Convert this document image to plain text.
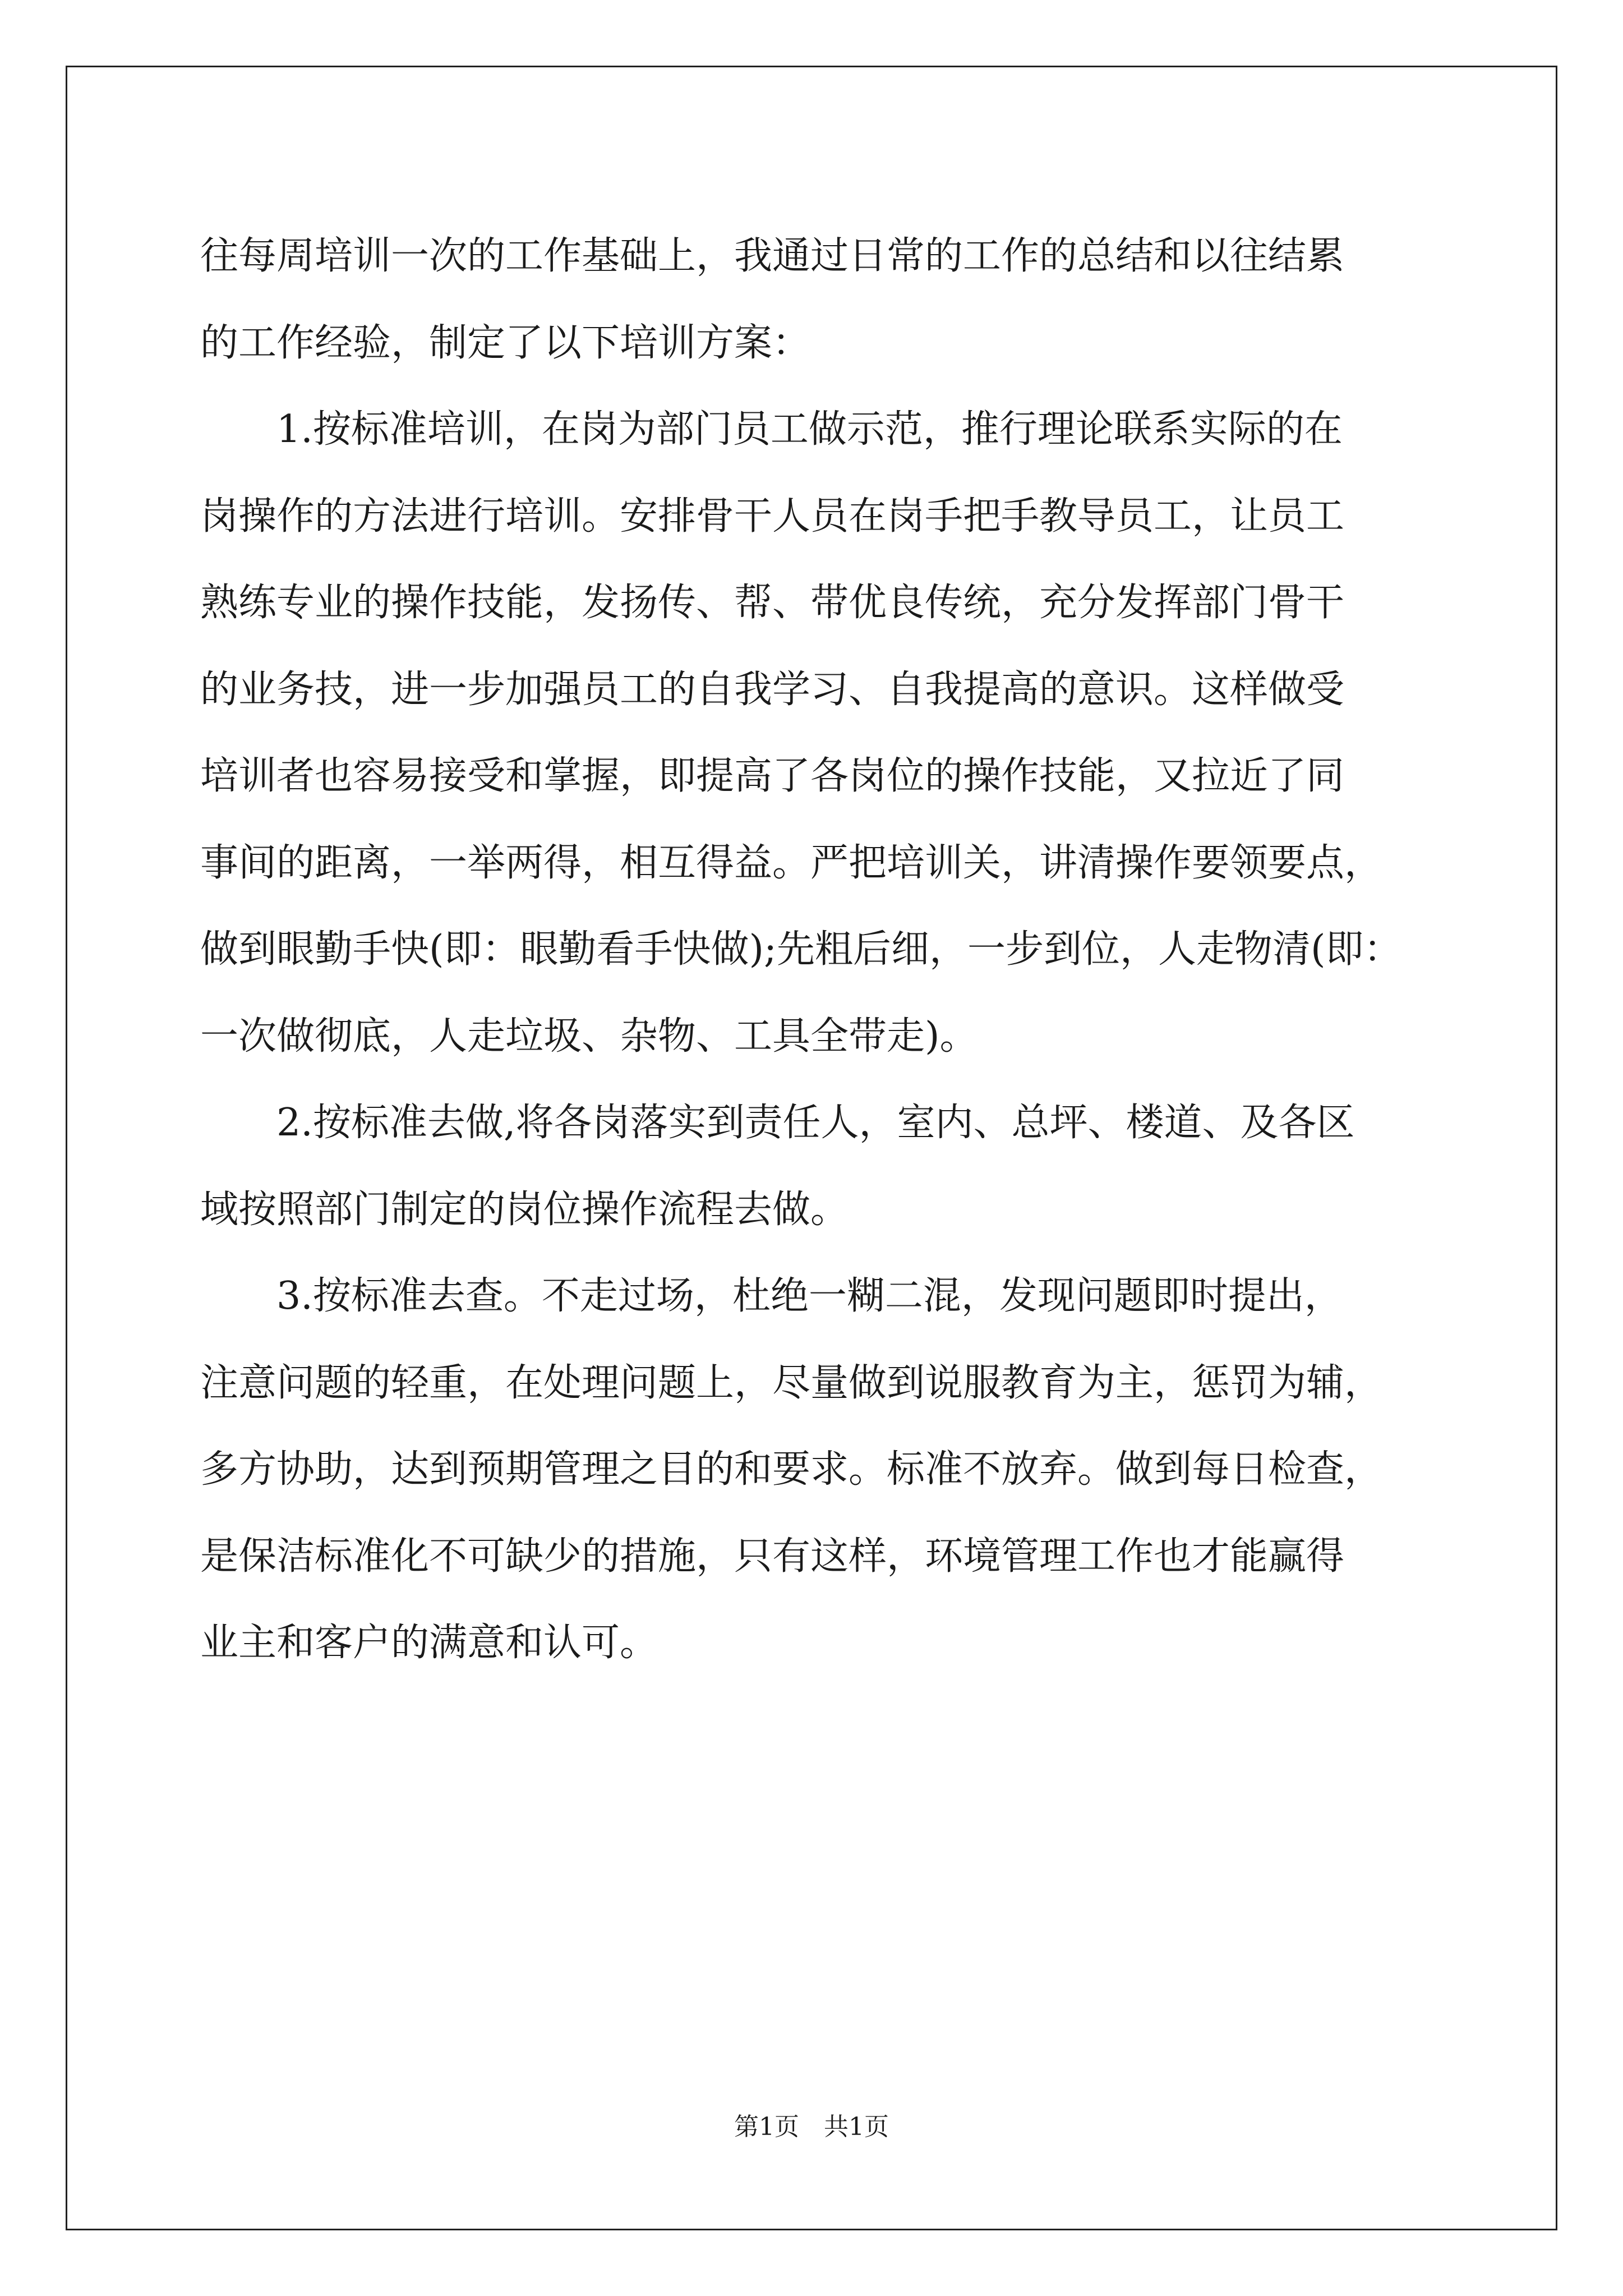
往每周培训一次的工作基础上，我通过日常的工作的总结和以往结累
的工作经验，制定了以下培训方案：
1.按标准培训，在岗为部门员工做示范，推行理论联系实际的在
岗操作的方法进行培训。安排骨干人员在岗手把手教导员工，让员工
熟练专业的操作技能，发扬传、帮、带优良传统，充分发挥部门骨干
的业务技，进一步加强员工的自我学习、自我提高的意识。这样做受
培训者也容易接受和掌握，即提高了各岗位的操作技能，又拉近了同
事间的距离，一举两得，相互得益。严把培训关，讲清操作要领要点，
做到眼勤手快(即：眼勤看手快做);先粗后细，一步到位，人走物清(即：
一次做彻底，人走垃圾、杂物、工具全带走)。
2.按标准去做,将各岗落实到责任人，室内、总坪、楼道、及各区
域按照部门制定的岗位操作流程去做。
3.按标准去查。不走过场，杜绝一糊二混，发现问题即时提出，
注意问题的轻重，在处理问题上，尽量做到说服教育为主，惩罚为辅，
多方协助，达到预期管理之目的和要求。标准不放弃。做到每日检查，
是保洁标准化不可缺少的措施，只有这样，环境管理工作也才能赢得
业主和客户的满意和认可。
第1页　共1页
